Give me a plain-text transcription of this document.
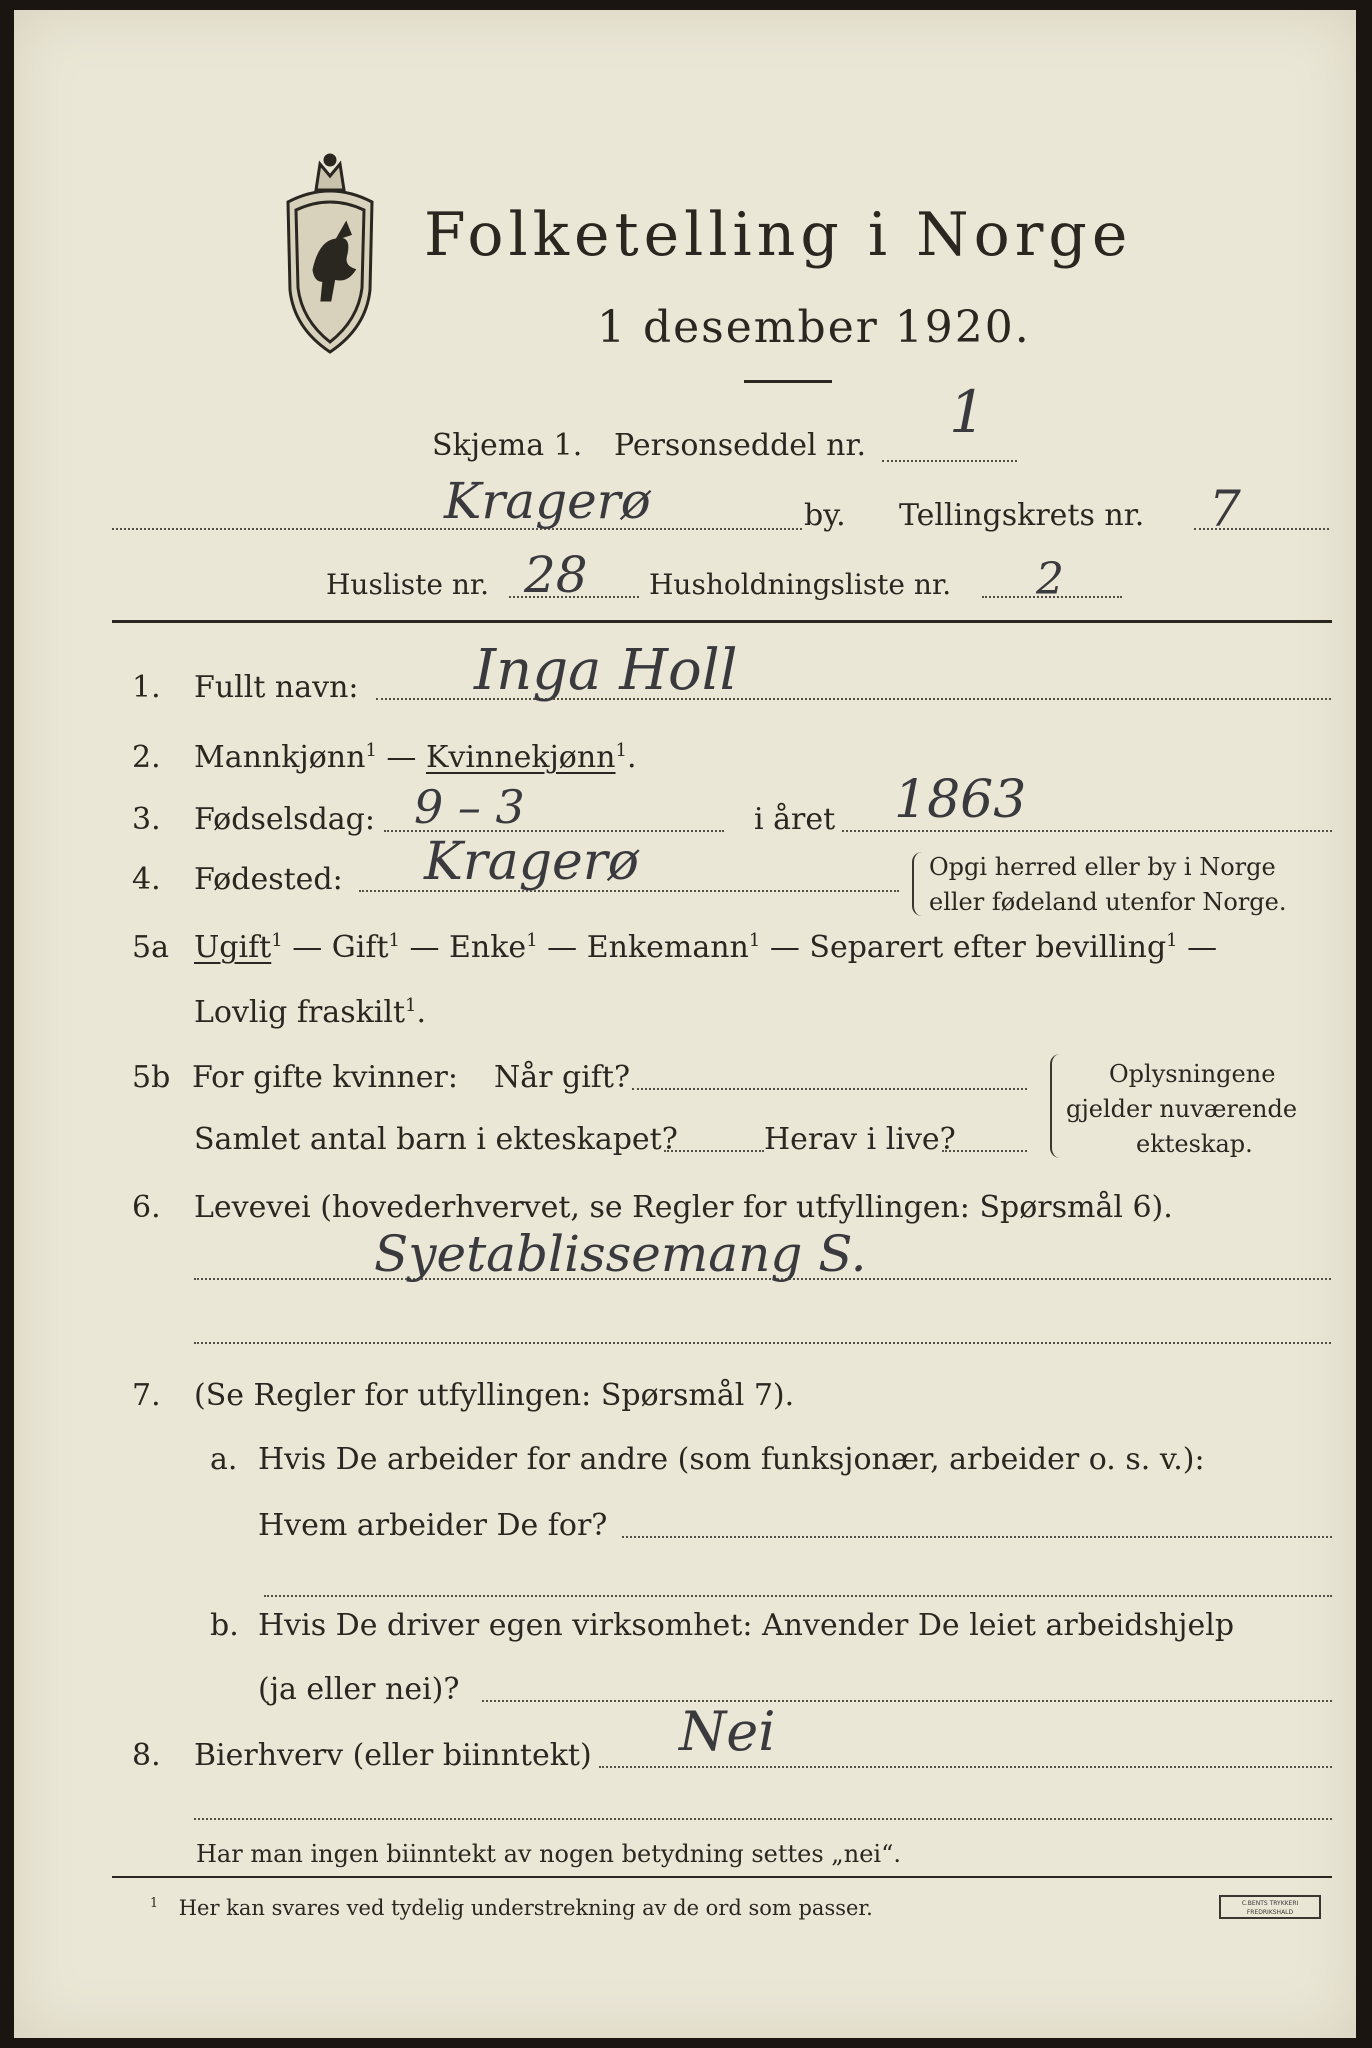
Folketelling i Norge
1 desember 1920.
Skjema 1. Personseddel nr. 1
Kragerø	by. Tellingskrets nr. 7
Husliste nr. 28 Husholdningsliste nr. 2
1. Fullt navn: Inga Holl
2. Mannkjønn$^1$ — Kvinnekjønn$^1$.
3. Fødselsdag: 9 – 3	i året 1863
4. Fødested: Kragerø	Opgi herred eller by i Norge
eller fødeland utenfor Norge.
5a Ugift$^1$ — Gift$^1$ — Enke$^1$ — Enkemann$^1$ — Separert efter bevilling$^1$ —
Lovlig fraskilt$^1$.
5b For gifte kvinner: Når gift?
Samlet antal barn i ekteskapet?	Herav i live?
Oplysningene
gjelder nuværende
ekteskap.
6. Levevei (hovederhvervet, se Regler for utfyllingen: Spørsmål 6).
Syetablissemang S.
7. (Se Regler for utfyllingen: Spørsmål 7).
a. Hvis De arbeider for andre (som funksjonær, arbeider o. s. v.):
Hvem arbeider De for?
b. Hvis De driver egen virksomhet: Anvender De leiet arbeidshjelp
(ja eller nei)?
8. Bierhverv (eller biinntekt) Nei
Har man ingen biinntekt av nogen betydning settes „nei“.
$^1$ Her kan svares ved tydelig understrekning av de ord som passer.	C.BENTS TRYKKERI FREDRIKSHALD
